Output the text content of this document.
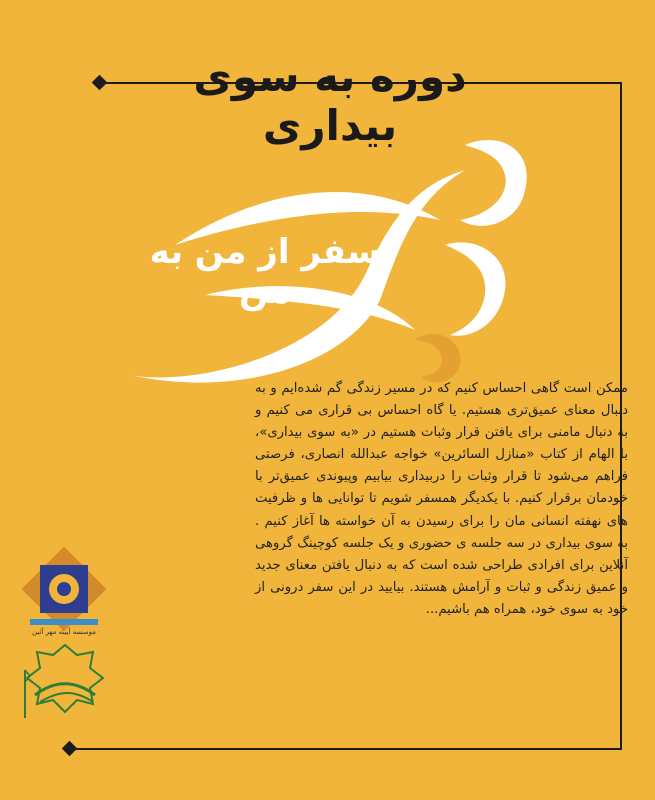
دوره به سوی بیداری
سفر از من به من
ممکن است گاهی احساس کنیم که در مسیر زندگی گم شده‌ایم و به دنبال معنای عمیق‌تری هستیم. یا گاه احساس بی قراری می کنیم و به دنبال مامنی برای یافتن قرار وثبات هستیم در «به سوی بیداری»، با الهام از کتاب «منازل السائرین» خواجه عبدالله انصاری، فرصتی فراهم می‌شود تا قرار وثبات را دربیداری بیابیم وپیوندی عمیق‌تر با خودمان برقرار کنیم. با یکدیگر همسفر شویم تا توانایی ها و ظرفیت های نهفته انسانی مان را برای رسیدن به آن خواسته ها آغاز کنیم . به سوی بیداری در سه جلسه ی حضوری و یک جلسه کوچینگ گروهی آنلاین برای افرادی طراحی شده است که به دنبال یافتن معنای جدید و عمیق زندگی و ثبات و آرامش هستند. بیایید در این سفر درونی از خود به سوی خود، همراه هم باشیم...
موسسه آیینه مهر آئین
